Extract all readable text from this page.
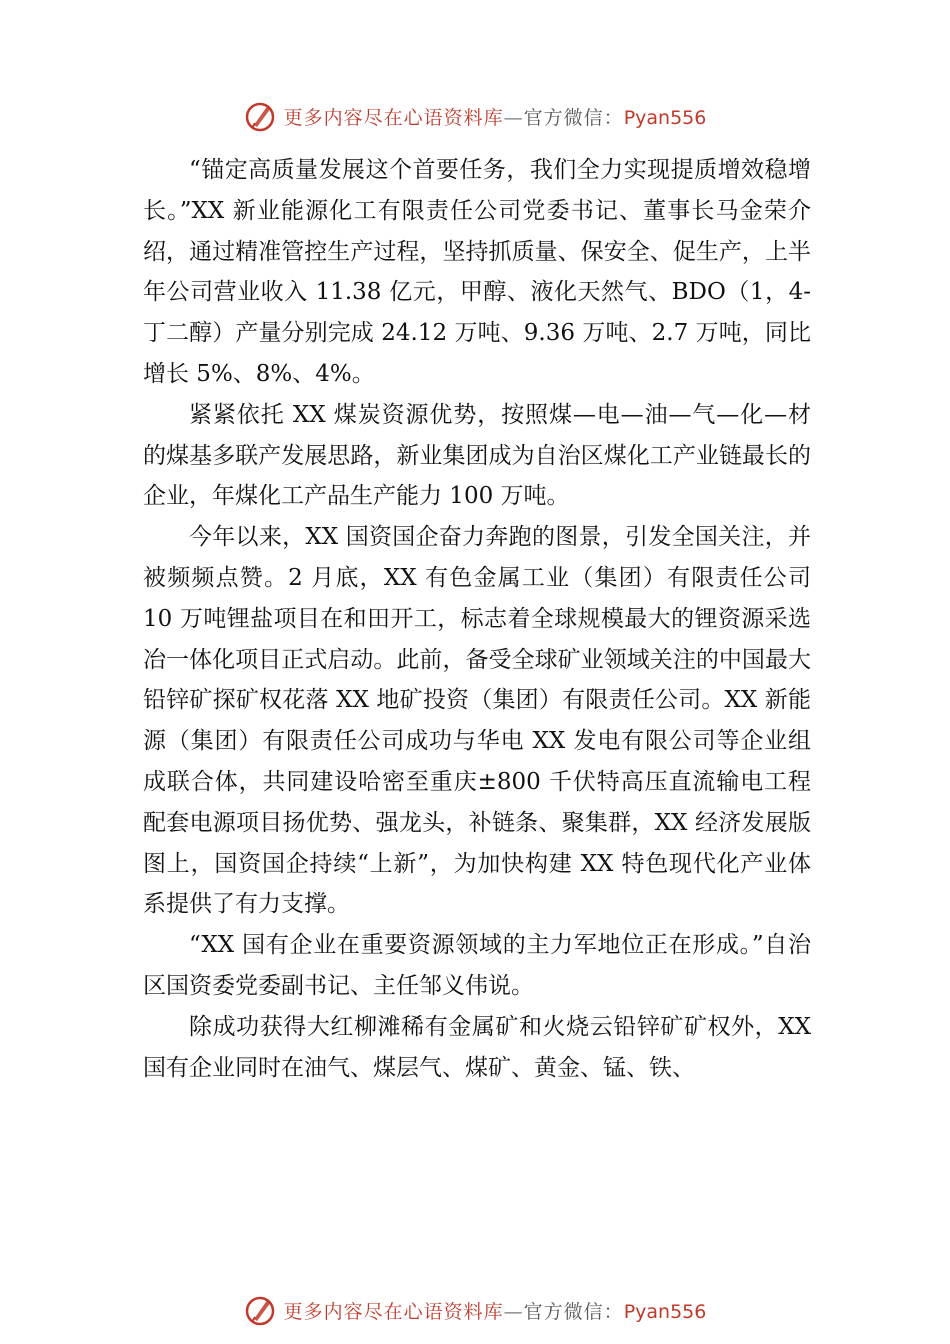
更多内容尽在心语资料库—官方微信：Pyan556

“锚定高质量发展这个首要任务，我们全力实现提质增效稳增长。”XX 新业能源化工有限责任公司党委书记、董事长马金荣介绍，通过精准管控生产过程，坚持抓质量、保安全、促生产，上半年公司营业收入 11.38 亿元，甲醇、液化天然气、BDO（1，4-丁二醇）产量分别完成 24.12 万吨、9.36 万吨、2.7 万吨，同比增长 5%、8%、4%。

紧紧依托 XX 煤炭资源优势，按照煤—电—油—气—化—材的煤基多联产发展思路，新业集团成为自治区煤化工产业链最长的企业，年煤化工产品生产能力 100 万吨。

今年以来，XX 国资国企奋力奔跑的图景，引发全国关注，并被频频点赞。2 月底，XX 有色金属工业（集团）有限责任公司 10 万吨锂盐项目在和田开工，标志着全球规模最大的锂资源采选冶一体化项目正式启动。此前，备受全球矿业领域关注的中国最大铅锌矿探矿权花落 XX 地矿投资（集团）有限责任公司。XX 新能源（集团）有限责任公司成功与华电 XX 发电有限公司等企业组成联合体，共同建设哈密至重庆±800 千伏特高压直流输电工程配套电源项目扬优势、强龙头，补链条、聚集群，XX 经济发展版图上，国资国企持续“上新”，为加快构建 XX 特色现代化产业体系提供了有力支撑。

“XX 国有企业在重要资源领域的主力军地位正在形成。”自治区国资委党委副书记、主任邹义伟说。

除成功获得大红柳滩稀有金属矿和火烧云铅锌矿矿权外，XX 国有企业同时在油气、煤层气、煤矿、黄金、锰、铁、

更多内容尽在心语资料库—官方微信：Pyan556
